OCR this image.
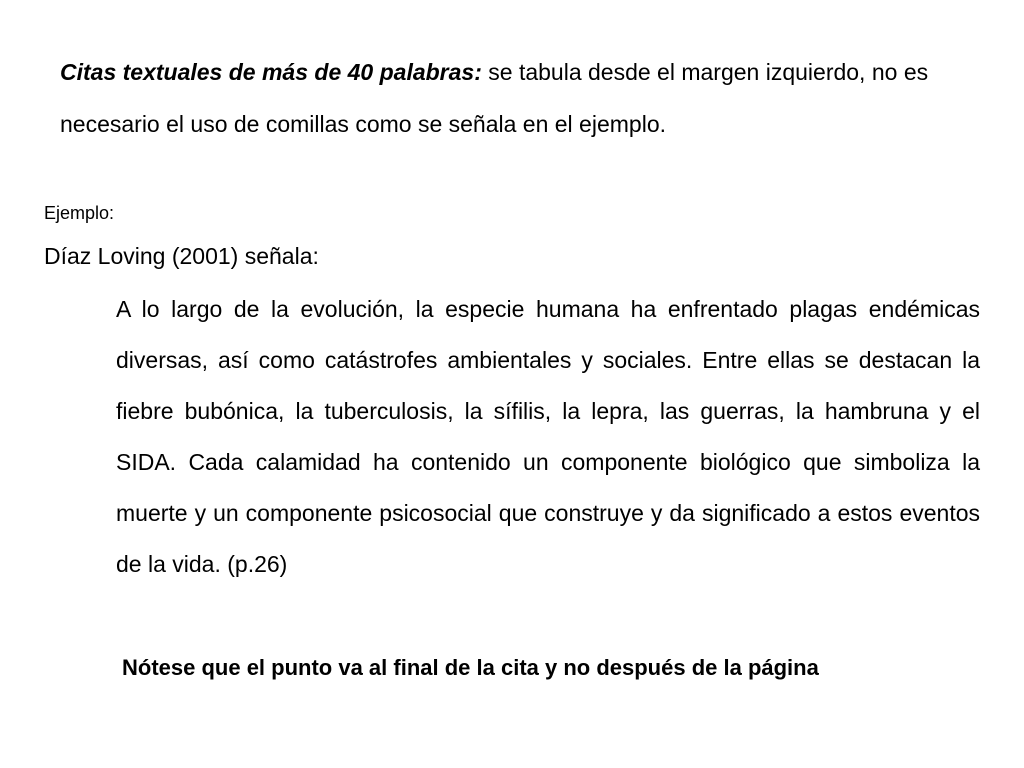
Citas textuales de más de 40 palabras: se tabula desde el margen izquierdo, no es necesario el uso de comillas como se señala en el ejemplo.
Ejemplo:
Díaz Loving (2001) señala:
A lo largo de la evolución, la especie humana ha enfrentado plagas endémicas diversas, así como catástrofes ambientales y sociales. Entre ellas se destacan la fiebre bubónica, la tuberculosis, la sífilis, la lepra, las guerras, la hambruna y el SIDA. Cada calamidad ha contenido un componente biológico que simboliza la muerte y un componente psicosocial que construye y da significado a estos eventos de la vida. (p.26)
Nótese que el punto va al final de la cita y no después de la página
